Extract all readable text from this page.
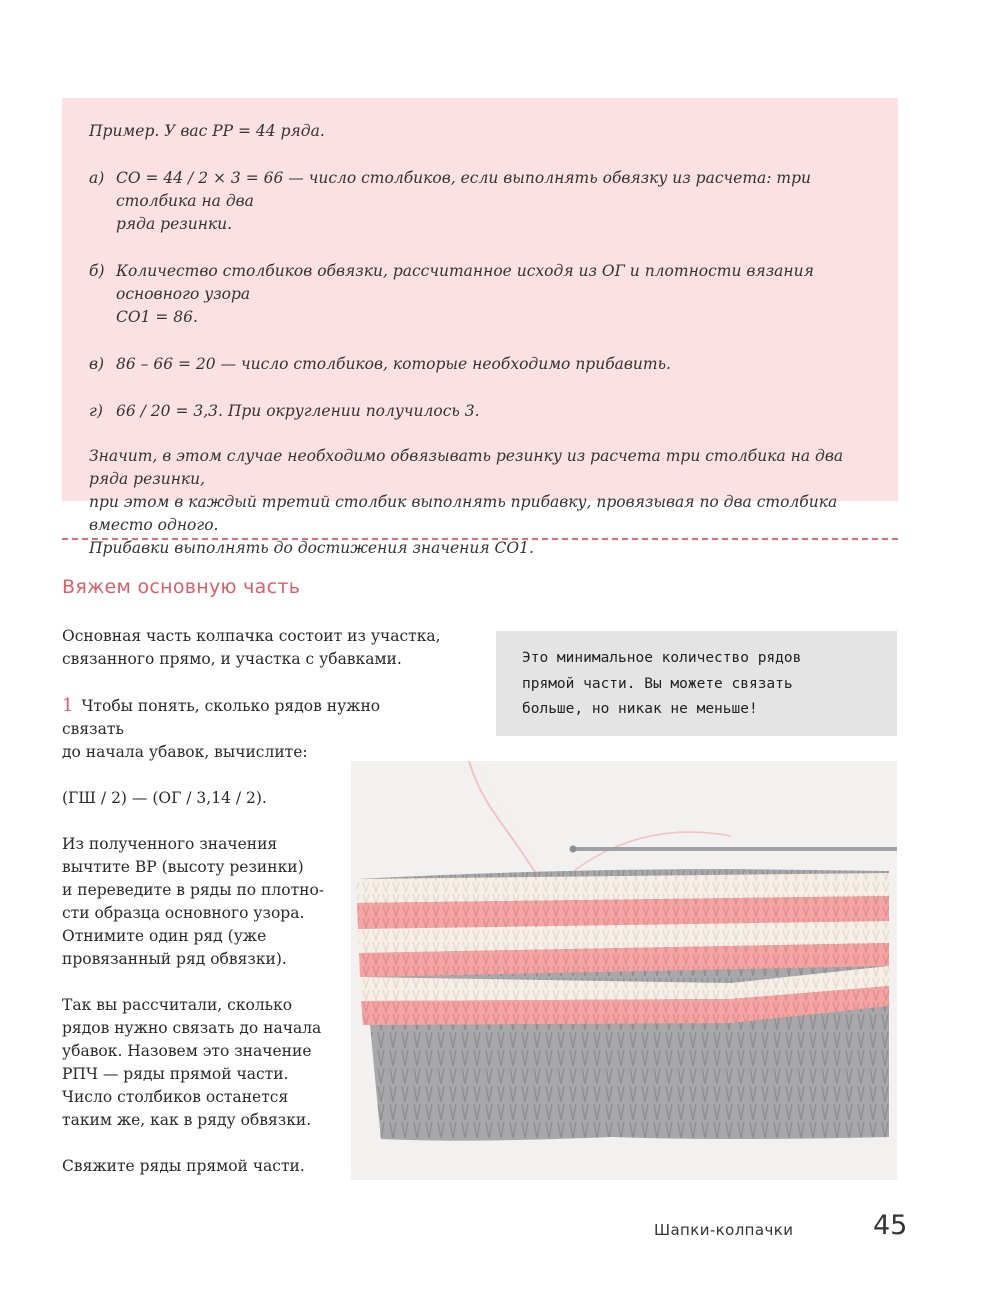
Пример. У вас РР = 44 ряда.

а) СО = 44 / 2 × 3 = 66 — число столбиков, если выполнять обвязку из расчета: три столбика на два
ряда резинки.
б) Количество столбиков обвязки, рассчитанное исходя из ОГ и плотности вязания основного узора
СО1 = 86.
в) 86 – 66 = 20 — число столбиков, которые необходимо прибавить.
г) 66 / 20 = 3,3. При округлении получилось 3.

Значит, в этом случае необходимо обвязывать резинку из расчета три столбика на два ряда резинки,
при этом в каждый третий столбик выполнять прибавку, провязывая по два столбика вместо одного.
Прибавки выполнять до достижения значения СО1.

Вяжем основную часть

Основная часть колпачка состоит из участка,
связанного прямо, и участка с убавками.

1 Чтобы понять, сколько рядов нужно связать
до начала убавок, вычислите:

(ГШ / 2) — (ОГ / 3,14 / 2).

Из полученного значения
вычтите ВР (высоту резинки)
и переведите в ряды по плотно-
сти образца основного узора.
Отнимите один ряд (уже
провязанный ряд обвязки).

Так вы рассчитали, сколько
рядов нужно связать до начала
убавок. Назовем это значение
РПЧ — ряды прямой части.
Число столбиков останется
таким же, как в ряду обвязки.

Свяжите ряды прямой части.

Это минимальное количество рядов
прямой части. Вы можете связать
больше, но никак не меньше!
Шапки-колпачки	45
